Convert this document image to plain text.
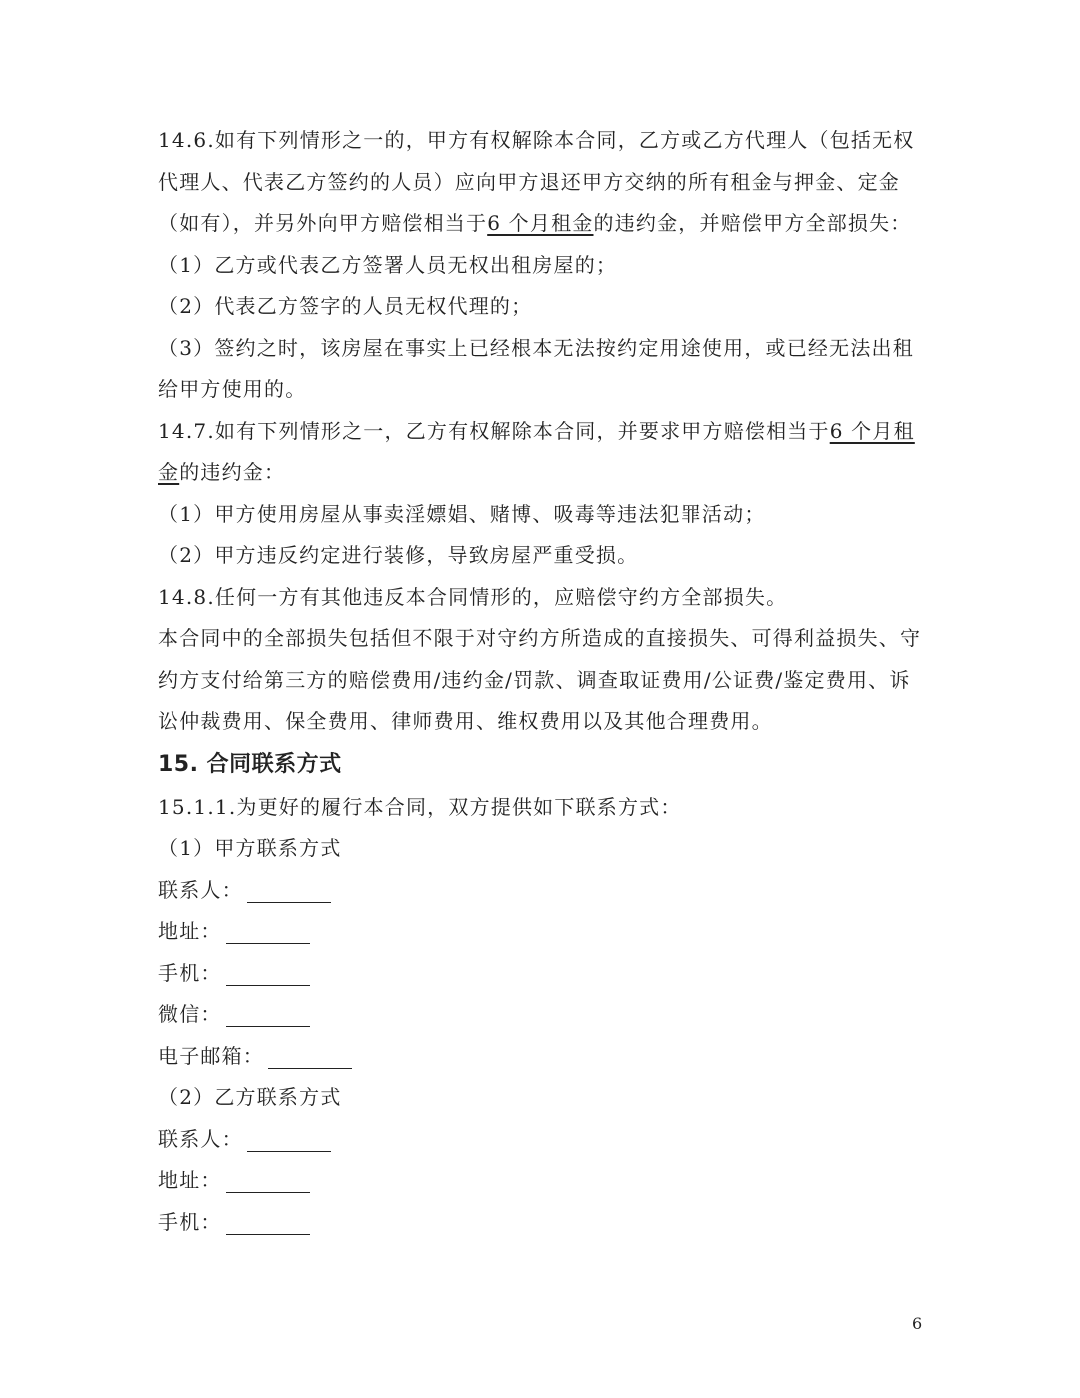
14.6.如有下列情形之一的，甲方有权解除本合同，乙方或乙方代理人（包括无权
代理人、代表乙方签约的人员）应向甲方退还甲方交纳的所有租金与押金、定金
（如有），并另外向甲方赔偿相当于6 个月租金的违约金，并赔偿甲方全部损失：
（1）乙方或代表乙方签署人员无权出租房屋的；
（2）代表乙方签字的人员无权代理的；
（3）签约之时，该房屋在事实上已经根本无法按约定用途使用，或已经无法出租
给甲方使用的。
14.7.如有下列情形之一，乙方有权解除本合同，并要求甲方赔偿相当于6 个月租
金的违约金：
（1）甲方使用房屋从事卖淫嫖娼、赌博、吸毒等违法犯罪活动；
（2）甲方违反约定进行装修，导致房屋严重受损。
14.8.任何一方有其他违反本合同情形的，应赔偿守约方全部损失。
本合同中的全部损失包括但不限于对守约方所造成的直接损失、可得利益损失、守
约方支付给第三方的赔偿费用/违约金/罚款、调查取证费用/公证费/鉴定费用、诉
讼仲裁费用、保全费用、律师费用、维权费用以及其他合理费用。
15. 合同联系方式
15.1.1.为更好的履行本合同，双方提供如下联系方式：
（1）甲方联系方式
联系人：
地址：
手机：
微信：
电子邮箱：
（2）乙方联系方式
联系人：
地址：
手机：
6
